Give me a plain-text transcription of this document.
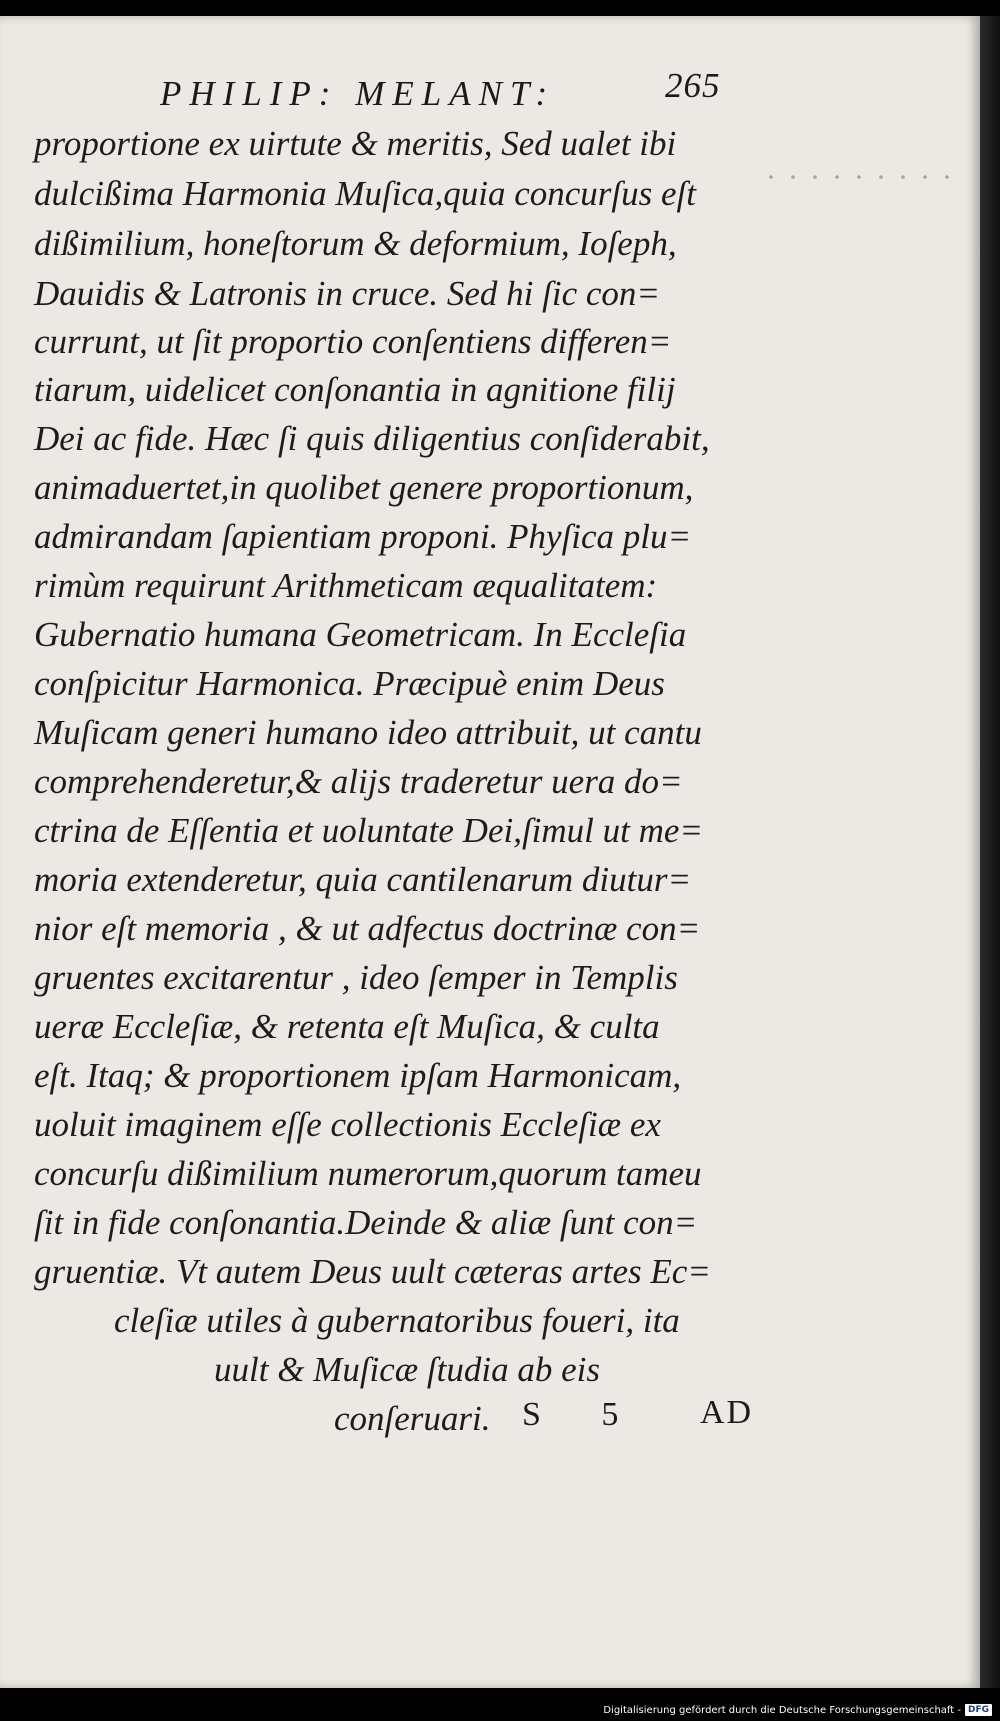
PHILIP: MELANT:	265
proportione ex uirtute & meritis, Sed ualet ibi
dulcißima Harmonia Muſica,quia concurſus eſt
dißimilium, honeſtorum & deformium, Ioſeph,
Dauidis & Latronis in cruce. Sed hi ſic con=
currunt, ut ſit proportio conſentiens differen=
tiarum, uidelicet conſonantia in agnitione filij
Dei ac fide. Hæc ſi quis diligentius conſiderabit,
animaduertet,in quolibet genere proportionum,
admirandam ſapientiam proponi. Phyſica plu=
rimùm requirunt Arithmeticam æqualitatem:
Gubernatio humana Geometricam. In Eccleſia
conſpicitur Harmonica. Præcipuè enim Deus
Muſicam generi humano ideo attribuit, ut cantu
comprehenderetur,& alijs traderetur uera do=
ctrina de Eſſentia et uoluntate Dei,ſimul ut me=
moria extenderetur, quia cantilenarum diutur=
nior eſt memoria , & ut adfectus doctrinæ con=
gruentes excitarentur , ideo ſemper in Templis
ueræ Eccleſiæ, & retenta eſt Muſica, & culta
eſt. Itaq; & proportionem ipſam Harmonicam,
uoluit imaginem eſſe collectionis Eccleſiæ ex
concurſu dißimilium numerorum,quorum tameu
ſit in fide conſonantia.Deinde & aliæ ſunt con=
gruentiæ. Vt autem Deus uult cæteras artes Ec=
cleſiæ utiles à gubernatoribus foueri, ita
uult & Muſicæ ſtudia ab eis
conſeruari. S 5 AD
Digitalisierung gefördert durch die Deutsche Forschungsgemeinschaft - DFG
